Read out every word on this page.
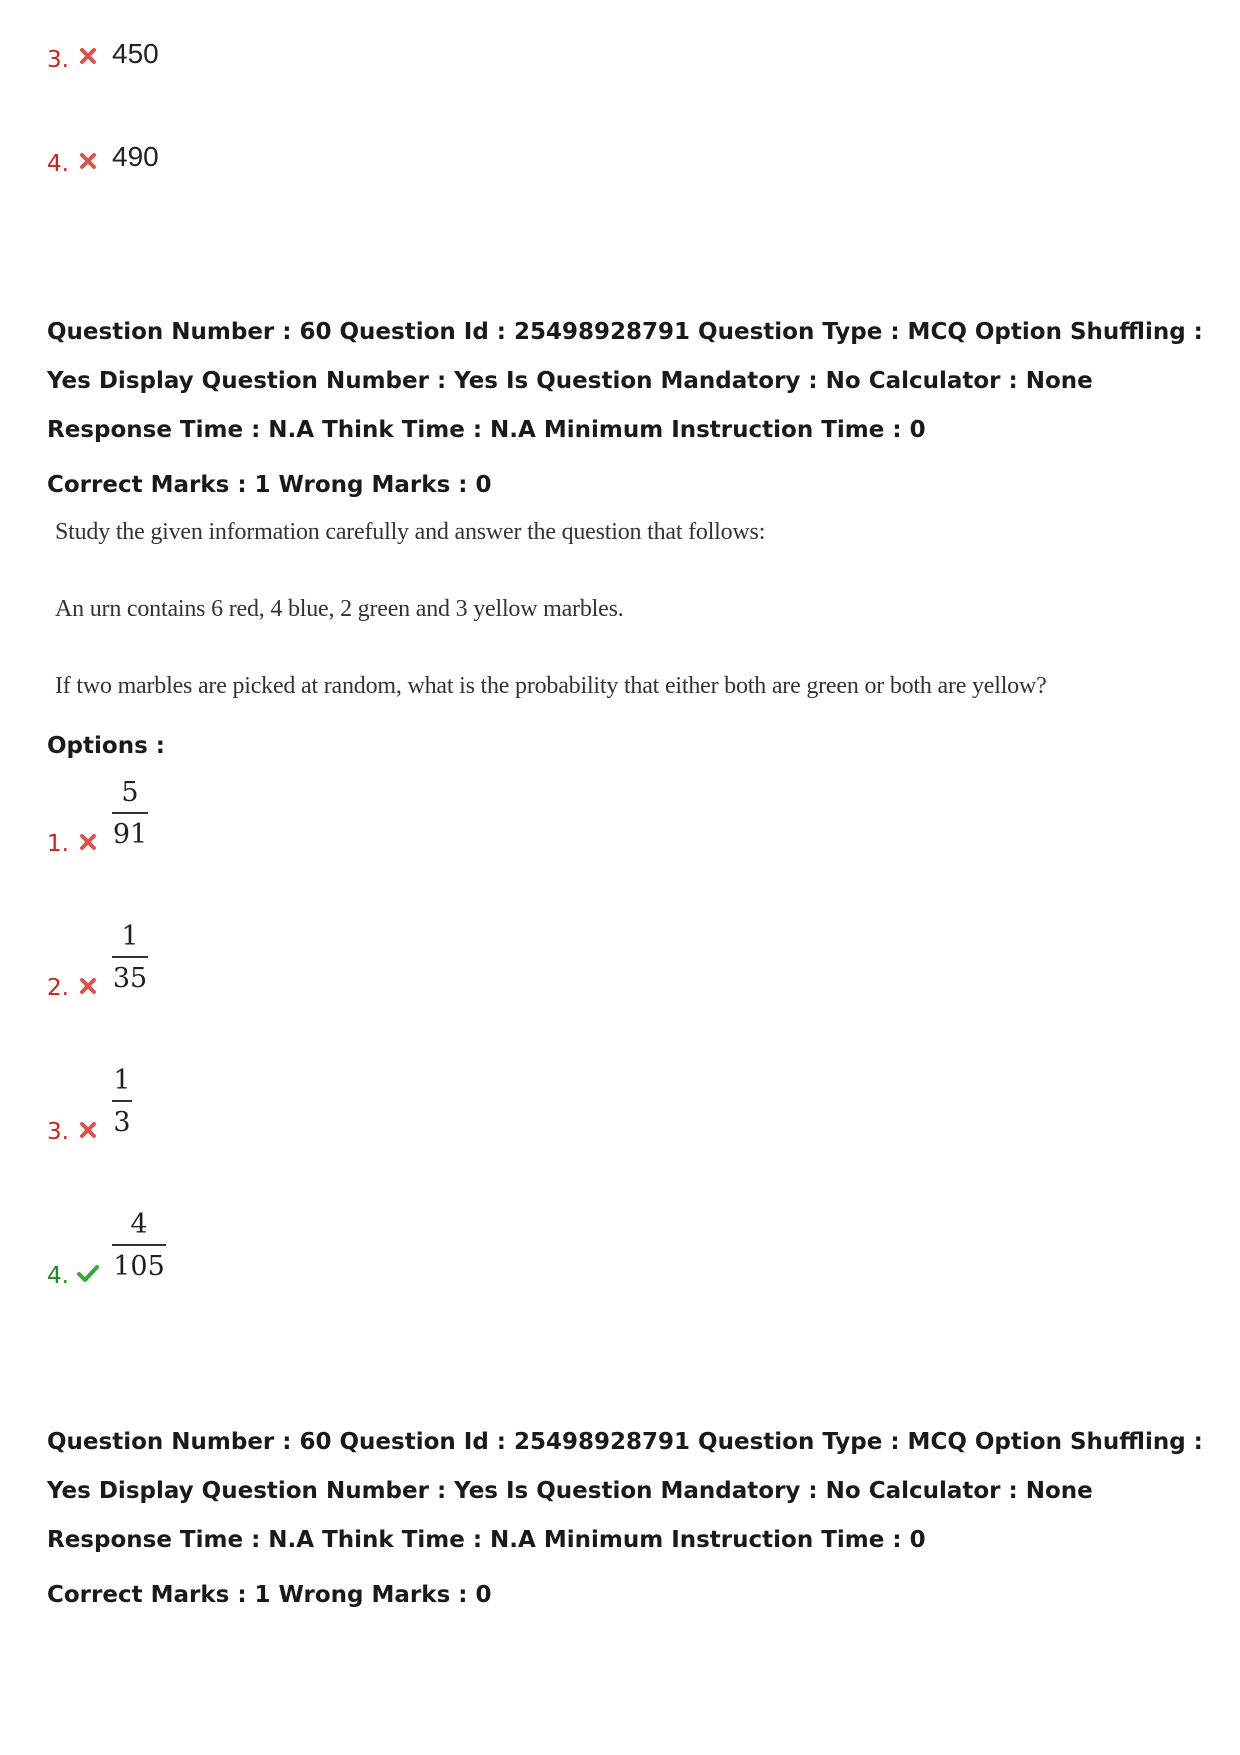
3. 450
4. 490
Question Number : 60 Question Id : 25498928791 Question Type : MCQ Option Shuffling : Yes Display Question Number : Yes Is Question Mandatory : No Calculator : None Response Time : N.A Think Time : N.A Minimum Instruction Time : 0
Correct Marks : 1 Wrong Marks : 0
Study the given information carefully and answer the question that follows:
An urn contains 6 red, 4 blue, 2 green and 3 yellow marbles.
If two marbles are picked at random, what is the probability that either both are green or both are yellow?
Options :
1.
5
91
2.
1
35
3.
1
3
4.
4
105
Question Number : 60 Question Id : 25498928791 Question Type : MCQ Option Shuffling : Yes Display Question Number : Yes Is Question Mandatory : No Calculator : None Response Time : N.A Think Time : N.A Minimum Instruction Time : 0
Correct Marks : 1 Wrong Marks : 0
